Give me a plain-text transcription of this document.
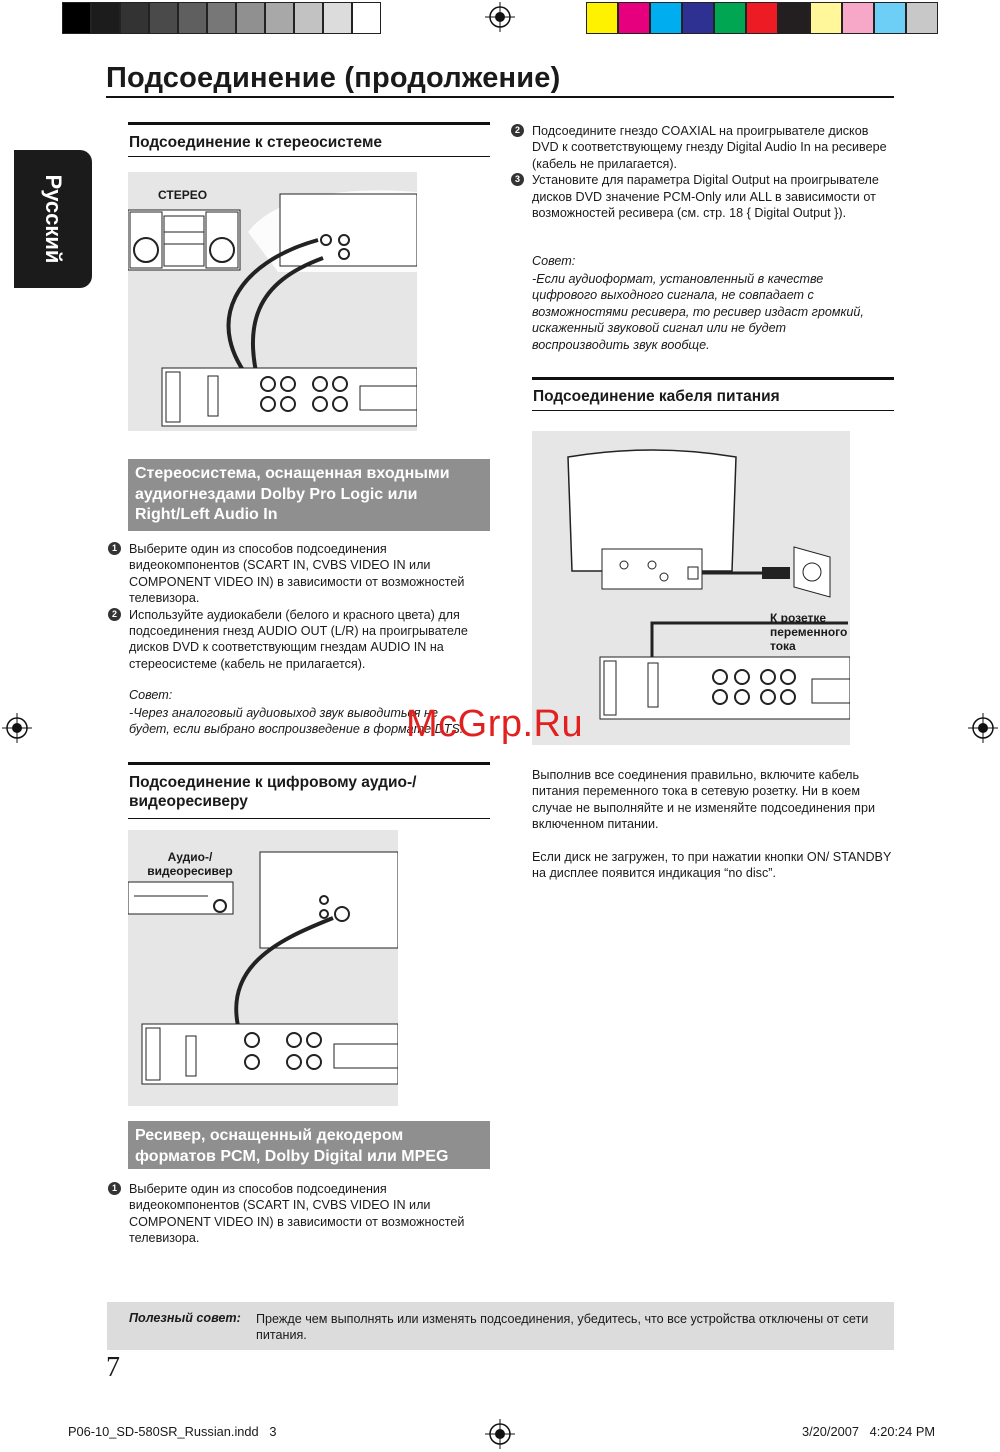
Подсоединение (продолжение)
Русский
Подсоединение к стереосистеме
СТЕРЕО
Стереосистема, оснащенная входными аудиогнездами Dolby Pro Logic или Right/Left Audio In
1 Выберите один из способов подсоединения видеокомпонентов (SCART IN, CVBS VIDEO IN или COMPONENT VIDEO IN) в зависимости от возможностей телевизора.
2 Используйте аудиокабели (белого и красного цвета) для подсоединения гнезд AUDIO OUT (L/R) на проигрывателе дисков DVD к соответствующим гнездам AUDIO IN на стереосистеме (кабель не прилагается).
Совет:
-Через аналоговый аудиовыход звук выводиться не будет, если выбрано воспроизведение в формате DTS.
Подсоединение к цифровому аудио-/ видеоресиверу
Аудио-/ видеоресивер
Ресивер, оснащенный декодером форматов PCM, Dolby Digital или MPEG
1 Выберите один из способов подсоединения видеокомпонентов (SCART IN, CVBS VIDEO IN или COMPONENT VIDEO IN) в зависимости от возможностей телевизора.
2 Подсоедините гнездо COAXIAL на проигрывателе дисков DVD к соответствующему гнезду Digital Audio In на ресивере (кабель не прилагается).
3 Установите для параметра Digital Output на проигрывателе дисков DVD значение PCM-Only или ALL в зависимости от возможностей ресивера (см. стр. 18 { Digital Output }).
Совет:
-Если аудиоформат, установленный в качестве цифрового выходного сигнала, не совпадает с возможностями ресивера, то ресивер издаст громкий, искаженный звуковой сигнал или не будет воспроизводить звук вообще.
Подсоединение кабеля питания
К розетке переменного тока
Выполнив все соединения правильно, включите кабель питания переменного тока в сетевую розетку. Ни в коем случае не выполняйте и не изменяйте подсоединения при включенном питании.
Если диск не загружен, то при нажатии кнопки ON/ STANDBY на дисплее появится индикация “no disc”.
Полезный совет: Прежде чем выполнять или изменять подсоединения, убедитесь, что все устройства отключены от сети питания.
7
McGrp.Ru
P06-10_SD-580SR_Russian.indd   3	3/20/2007   4:20:24 PM
